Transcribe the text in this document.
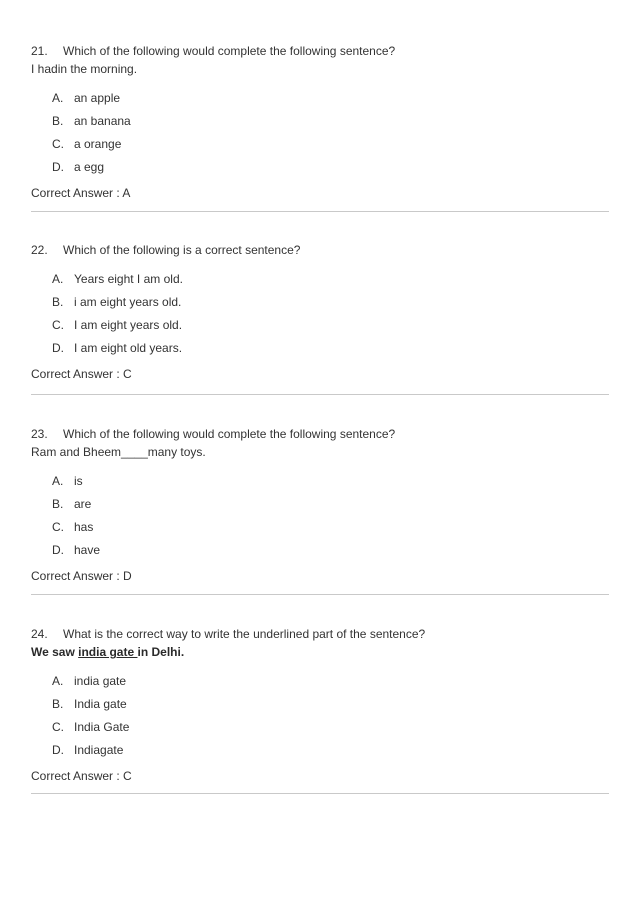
21. Which of the following would complete the following sentence?
I hadin the morning.
A. an apple
B. an banana
C. a orange
D. a egg
Correct Answer : A
22. Which of the following is a correct sentence?
A. Years eight I am old.
B. i am eight years old.
C. I am eight years old.
D. I am eight old years.
Correct Answer : C
23. Which of the following would complete the following sentence?
Ram and Bheem____many toys.
A. is
B. are
C. has
D. have
Correct Answer : D
24. What is the correct way to write the underlined part of the sentence?
We saw india gate in Delhi.
A. india gate
B. India gate
C. India Gate
D. Indiagate
Correct Answer : C
